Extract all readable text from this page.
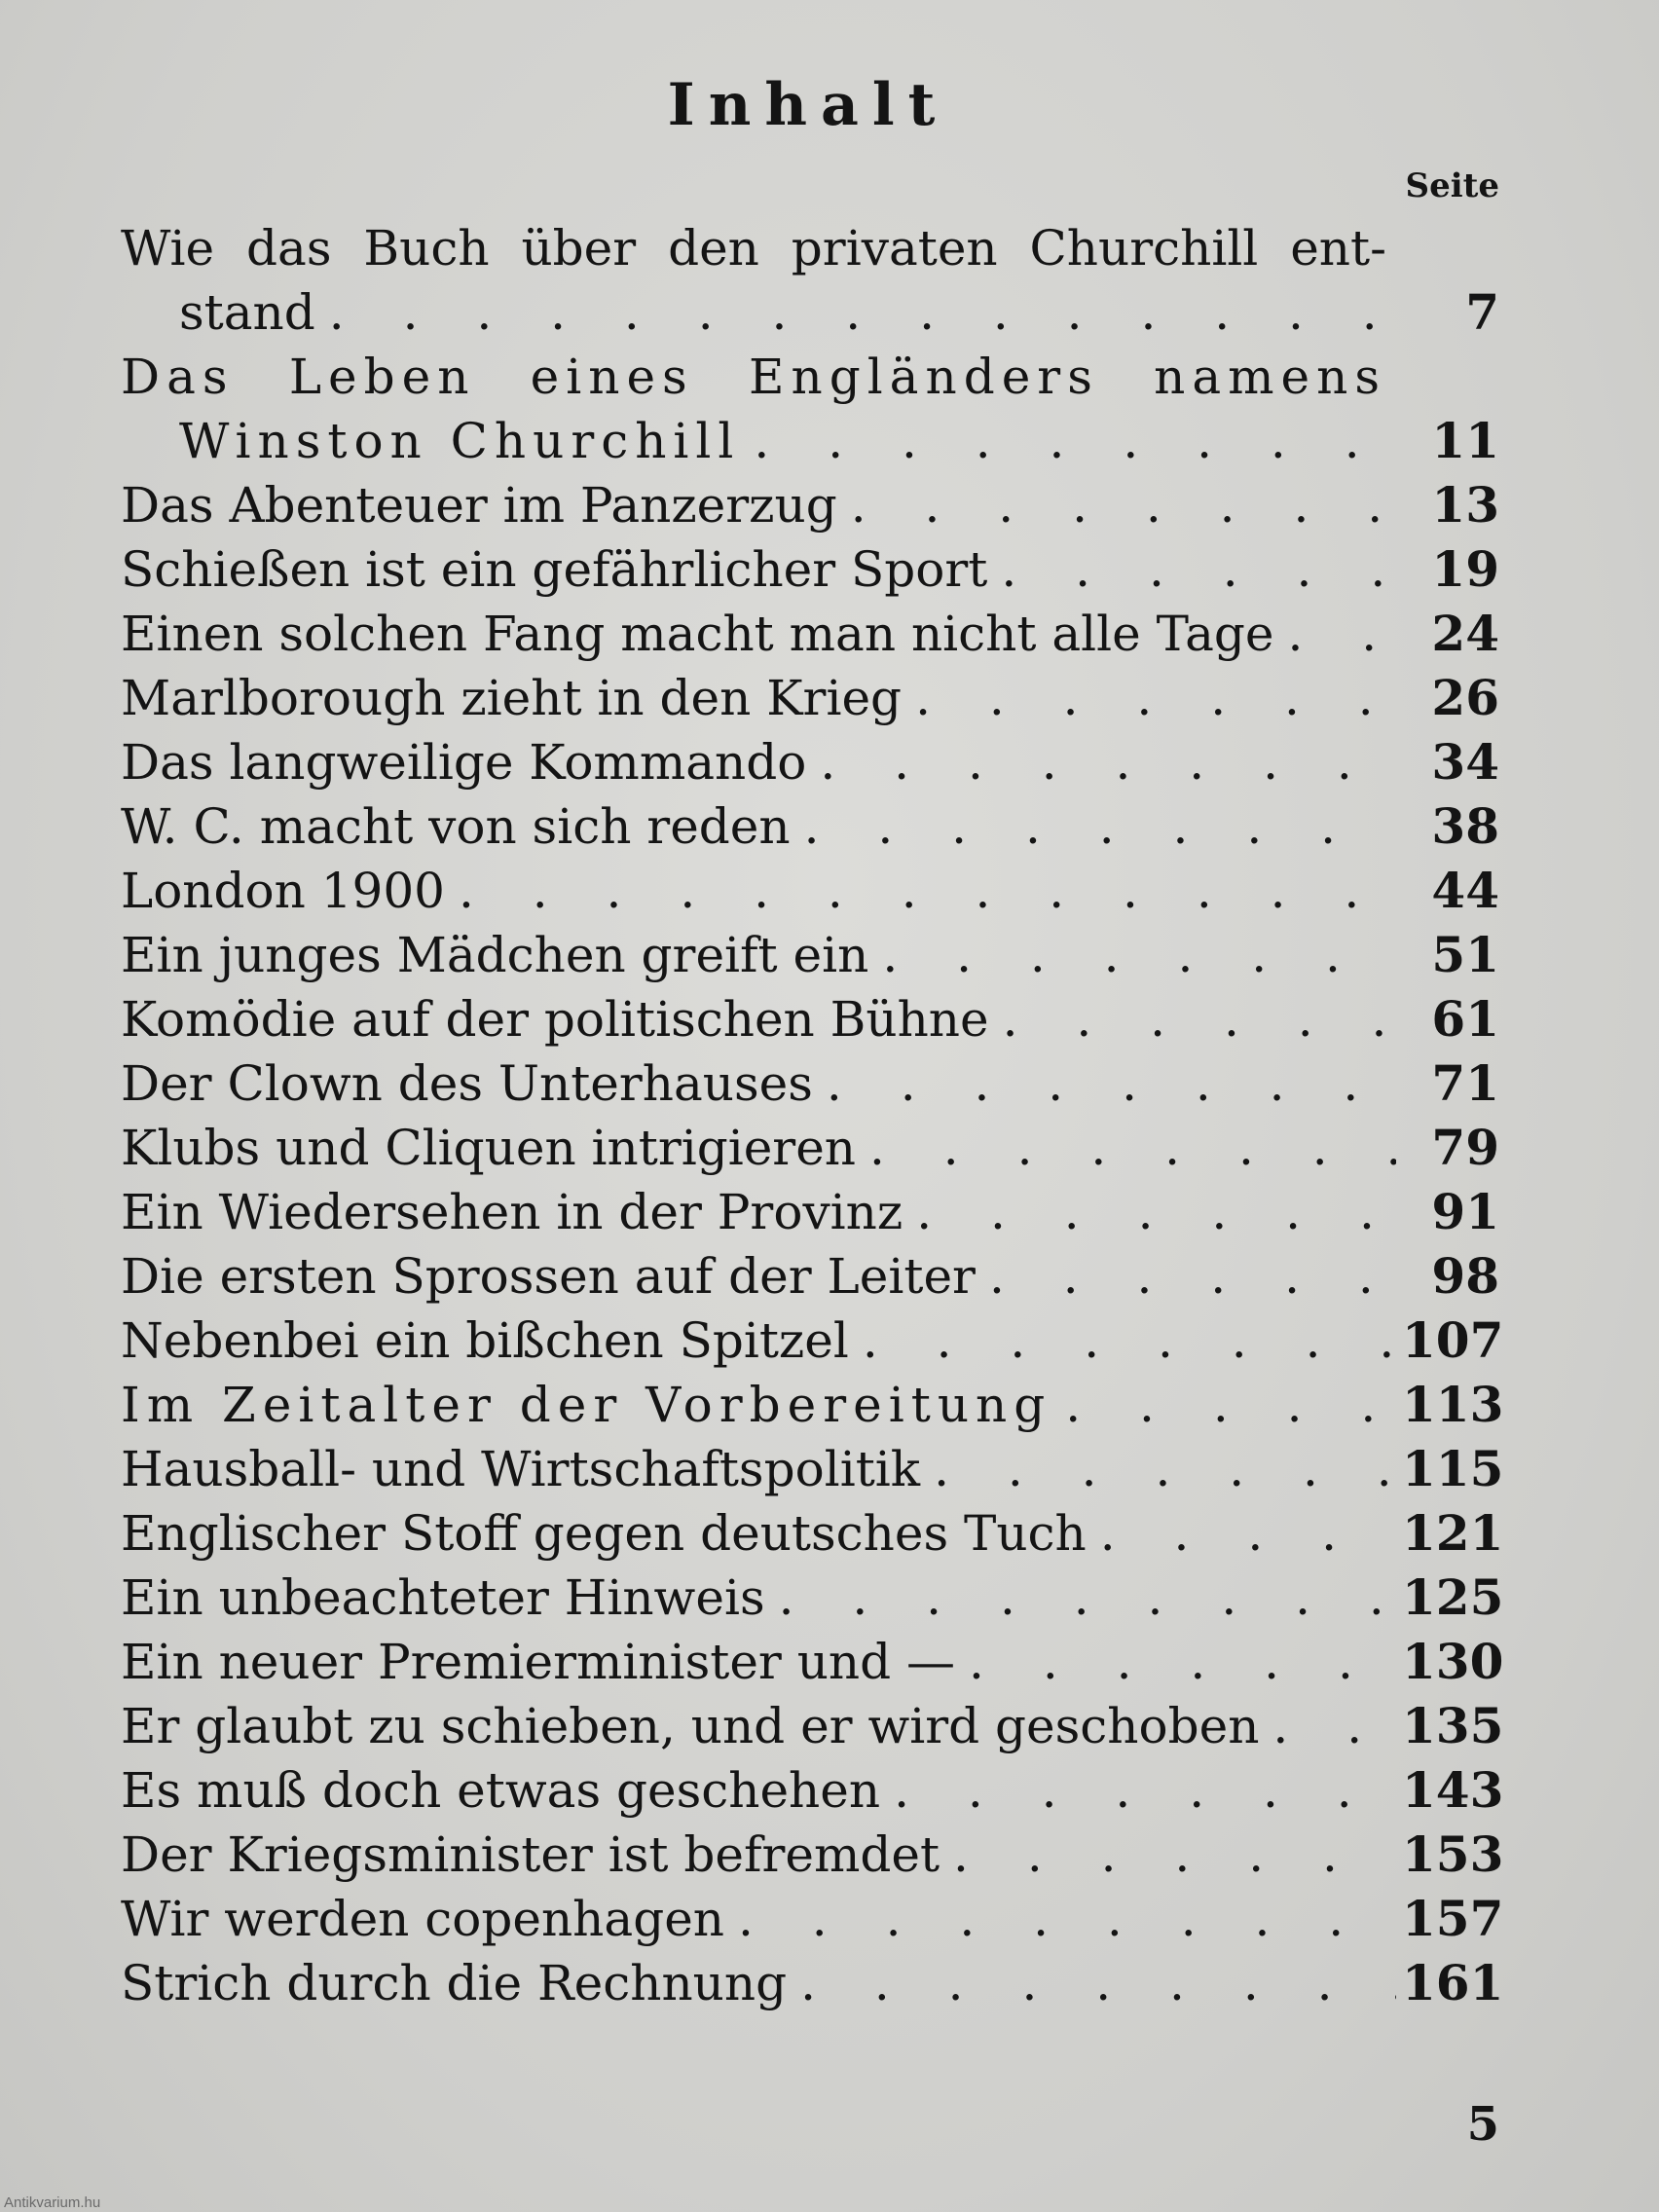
Inhalt
Seite
Wie das Buch über den privaten Churchill ent-
stand . . .	7
Das Leben eines Engländers namens
Winston Churchill . . .	11
Das Abenteuer im Panzerzug . . .	13
Schießen ist ein gefährlicher Sport . . .	19
Einen solchen Fang macht man nicht alle Tage . . .	24
Marlborough zieht in den Krieg . . .	26
Das langweilige Kommando . . .	34
W. C. macht von sich reden . . .	38
London 1900 . . .	44
Ein junges Mädchen greift ein . . .	51
Komödie auf der politischen Bühne . . .	61
Der Clown des Unterhauses . . .	71
Klubs und Cliquen intrigieren . . .	79
Ein Wiedersehen in der Provinz . . .	91
Die ersten Sprossen auf der Leiter . . .	98
Nebenbei ein bißchen Spitzel . . .	107
Im Zeitalter der Vorbereitung . . .	113
Hausball- und Wirtschaftspolitik . . .	115
Englischer Stoff gegen deutsches Tuch . . .	121
Ein unbeachteter Hinweis . . .	125
Ein neuer Premierminister und — . . .	130
Er glaubt zu schieben, und er wird geschoben . . .	135
Es muß doch etwas geschehen . . .	143
Der Kriegsminister ist befremdet . . .	153
Wir werden copenhagen . . .	157
Strich durch die Rechnung . . .	161
5
Antikvarium.hu
